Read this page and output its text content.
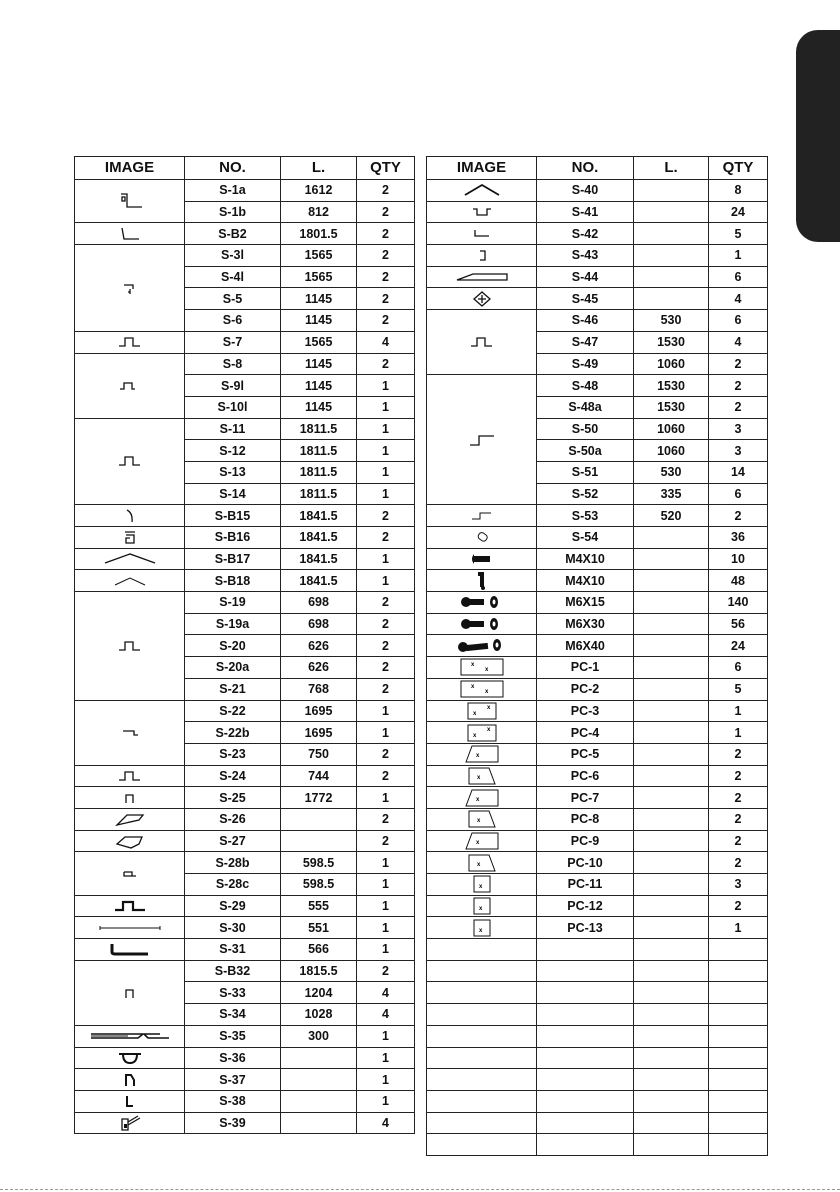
IMAGE	NO.	L.	QTY

	S-1a	1612	2
	S-1b	812	2

	S-B2	1801.5	2

	S-3l	1565	2
	S-4l	1565	2
	S-5	1145	2
	S-6	1145	2

	S-7	1565	4

	S-8	1145	2
	S-9l	1145	1
	S-10l	1145	1

	S-11	1811.5	1
	S-12	1811.5	1
	S-13	1811.5	1
	S-14	1811.5	1

	S-B15	1841.5	2

	S-B16	1841.5	2

	S-B17	1841.5	1

	S-B18	1841.5	1

	S-19	698	2
	S-19a	698	2
	S-20	626	2
	S-20a	626	2
	S-21	768	2

	S-22	1695	1
	S-22b	1695	1
	S-23	750	2

	S-24	744	2

	S-25	1772	1

	S-26		2

	S-27		2

	S-28b	598.5	1
	S-28c	598.5	1

	S-29	555	1

	S-30	551	1

	S-31	566	1

	S-B32	1815.5	2
	S-33	1204	4
	S-34	1028	4

	S-35	300	1

	S-36		1

	S-37		1

	S-38		1

	S-39		4
IMAGE	NO.	L.	QTY

	S-40		8

	S-41		24

	S-42		5

	S-43		1

	S-44		6

	S-45		4

	S-46	530	6
	S-47	1530	4
	S-49	1060	2

	S-48	1530	2
	S-48a	1530	2
	S-50	1060	3
	S-50a	1060	3
	S-51	530	14
	S-52	335	6

	S-53	520	2

	S-54		36

	M4X10		10

	M4X10		48

	M6X15		140

	M6X30		56

	M6X40		24

x
x	PC-1		6

x
x	PC-2		5

x
x	PC-3		1

x
x	PC-4		1

x	PC-5		2

x	PC-6		2

x	PC-7		2

x	PC-8		2

x	PC-9		2

x	PC-10		2

x	PC-11		3

x	PC-12		2

x	PC-13		1
